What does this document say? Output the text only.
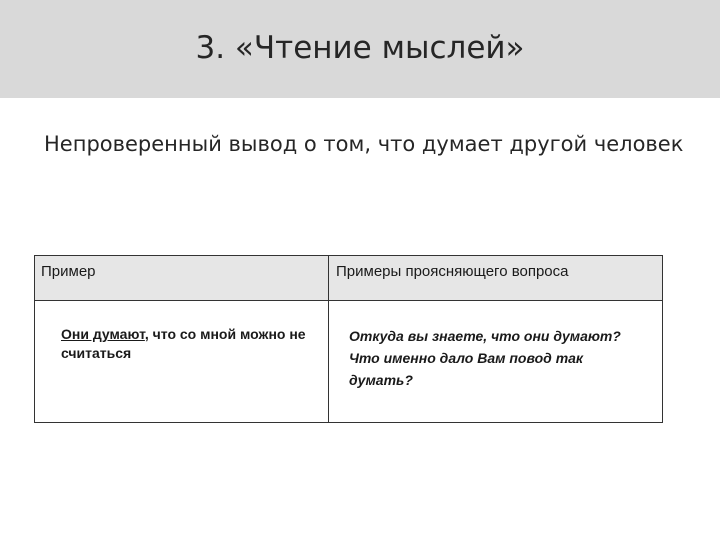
3. «Чтение мыслей»

Непроверенный вывод о том, что думает другой человек

Пример	Примеры проясняющего вопроса
Они думают, что со мной можно не считаться	Откуда вы знаете, что они думают?
Что именно дало Вам повод так думать?
